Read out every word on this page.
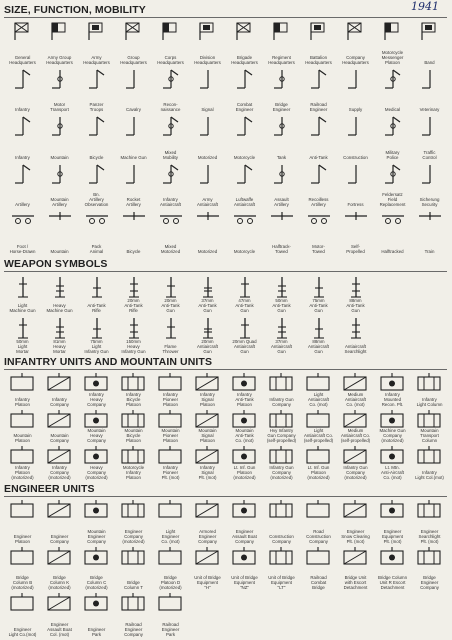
1941
SIZE, FUNCTION, MOBILITY
General
Headquarters
Army Group
Headquarters
Army
Headquarters
Group
Headquarters
Corps
Headquarters
Division
Headquarters
Brigade
Headquarters
Regiment
Headquarters
Battalion
Headquarters
Company
Headquarters
Motorcycle
Messenger
Platoon	Band
Infantry
Motor
Transport
Panzer
Troops	Cavalry
Recon-
naissance	Signal
Combat
Engineer
Bridge
Engineer
Railroad
Engineer	Supply	Medical	Veterinary
Infantry	Mountain	Bicycle	Machine Gun
Mixed
Mobility	Motorized	Motorcycle	Tank	Anti-Tank	Construction
Military
Police
Traffic
Control
Artillery
Mountain
Artillery
Bn.
Artillery
Observation
Rocket
Artillery
Infantry
Antiaircraft
Army
Antiaircraft
Luftwaffe
Antiaircraft
Assault
Artillery
Recoilless
Artillery	Fortress
Feldersatz
Field
Replacement
Sicherung
Security
Foot /
Horse-Drawn	Mountain
Pack
Animal	Bicycle
Mixed
Motorized	Motorized	Motorcycle
Halftrack-
Towed
Motor-
Towed
Self-
Propelled	Halftracked	Train
WEAPON SYMBOLS
Light
Machine Gun
Heavy
Machine Gun
Anti-Tank
Rifle
20mm
Anti-Tank
Rifle
20mm
Anti-Tank
Gun
37mm
Anti-Tank
Gun
47mm
Anti-Tank
Gun
50mm
Anti-Tank
Gun
75mm
Anti-Tank
Gun
88mm
Anti-Tank
Gun
50mm
Light
Mortar
81mm
Heavy
Mortar
75mm
Light
Infantry Gun
150mm
Heavy
Infantry Gun
Flame
Thrower
20mm
Antiaircraft
Gun
20mm Quad
Antiaircraft
Gun
37mm
Antiaircraft
Gun
88mm
Antiaircraft
Gun
Antiaircraft
Searchlight
INFANTRY UNITS AND MOUNTAIN UNITS
Infantry
Platoon
Infantry
Company
Infantry
Heavy
Company
Infantry
Bicycle
Platoon
Infantry
Pioneer
Platoon
Infantry
Signal
Platoon
Infantry
Anti-Tank
Platoon
Infantry Gun
Company
Light
Antiaircraft
Co. (mot)
Medium
Antiaircraft
Co. (mot)
Infantry
Mounted
Recon. Plt.
Infantry
Light Column
Mountain
Platoon
Mountain
Company
Mountain
Heavy
Company
Mountain
Bicycle
Platoon
Mountain
Pioneer
Platoon
Mountain
Signal
Platoon
Mountain
Anti-Tank
Co. (mot)
Hvy Infantry
Gun Company
(self-propelled)
Light
Antiaircraft Co.
(self-propelled)
Medium
Antiaircraft Co.
(self-propelled)
Machine Gun
Company
(motorized)
Mountain
Transport
Column
Infantry
Platoon
(motorized)
Infantry
Company
(motorized)
Heavy
Company
(motorized)
Motorcycle
Infantry
Platoon
Infantry
Pioneer
Plt. (mot)
Infantry
Signal
Plt. (mot)
Lt. Inf. Gun
Platoon
(motorized)
Infantry Gun
Company
(motorized)
Lt. Inf. Gun
Platoon
(motorized)
Infantry Gun
Company
(motorized)
Lt. Mtn.
Anti-Aircraft
Co. (mot)
Infantry
Light Col.(mot)
ENGINEER UNITS
Engineer
Platoon
Engineer
Company
Mountain
Engineer
Company
Engineer
Company
(motorized)
Light
Engineer
Co. (mot)
Armored
Engineer
Company
Engineer
Assault Boat
Company
Construction
Company
Road
Construction
Company
Engineer
Snow Clearing
Plt. (mot)
Engineer
Equipment
Plt. (mot)
Engineer
Searchlight
Plt. (mot)
Bridge
Column B
(motorized)
Bridge
Column K
(motorized)
Bridge
Column C
(motorized)
Bridge
Column T
Bridge
Platoon D
(motorized)
Unit of Bridge
Equipment
"H"
Unit of Bridge
Equipment
"NZ"
Unit of Bridge
Equipment
"LT"
Railroad
Combat
Bridge
Bridge Unit
with Escort
Detachment
Bridge Column
Unit R Escort
Detachment
Bridge
Engineer
Company
Engineer
Light Co.(mot)
Engineer
Assault Boat
Col. (mot)
Engineer
Park
Railroad
Engineer
Company
Railroad
Engineer
Park
